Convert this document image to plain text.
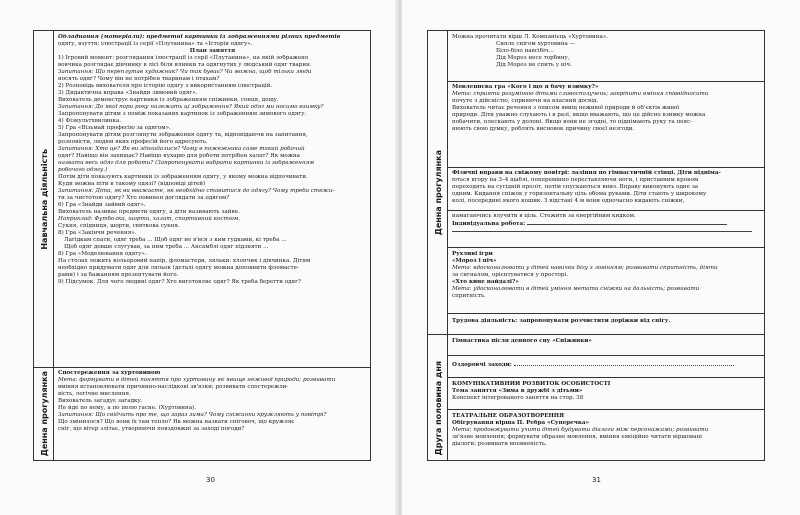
Навчальна діяльність
Денна прогулянка
Обладнання (матеріали): предметні картинки із зображеннями різних предметів
одягу, взуття; ілюстрації із серії «Плутанина» та «Історія одягу».
План заняття
1) Ігровий момент: розглядання ілюстрації із серії «Плутанина», на якій зображено
вовчика розглядає дівчинку в лісі біля ялинки та одягнутих у людський одяг тварин.
Запитання: Що переплутав художник? Чи так буває? Чи можна, щоб тільки люди
носять одяг? Чому він не потрібен тваринам і птахам?
2) Розповідь вихователя про історію одягу з використанням ілюстрацій.
3) Дидактична вправа «Знайди зимовий одяг».
Вихователь демонструє картинки із зображенням сніжинки, сонця, дощу.
Запитання: До якої пори року належать ці зображення? Який одяг ми носимо взимку?
Запропонувати дітям з поміж показаних картинок із зображенням зимового одягу.
4) Фізкультхвилинка.
5) Гра «Візьмай професію за одягом».
Запропонувати дітям розглянути зображення одягу та, відповідаючи на запитання,
розповісти, людям яких професій його адресують.
Запитання: Хто це? Як ви здогадалися? Чому в пожежника саме такий робочий
одяг? Навіщо він захищає? Навіщо кухарю для роботи потрібен халат? Як можна
назвати весь одяг для роботи? (Запропонувати вибрати картинки із зображенням
робочого одягу.)
Потім діти показують картинки із зображенням одягу, у якому можна відпочивати.
Куди можна піти в такому одязі? (відповіді дітей)
Запитання: Діти, як ви вважаєте, як необхідно ставитися до одягу? Чому треба стежи-
ти за чистотою одягу? Хто повинен доглядати за одягом?
6) Гра «Знайди зайвий одяг».
Вихователь називає предмети одягу, а діти називають зайве.
Наприклад: Футболка, шорти, халат, спортивний костюм.
Сукня, спідниця, шорти, святкова сукня.
8) Гра «Закінчи речення».
Лагідкам спати, одяг треба ... Щоб одяг не в'вся з ким гудками, кі треба ...
Щоб одяг довше слугував, за ним треба ... Ансамблі одяг підзняти ...
8) Гра «Моделювання одягу».
На столах лежить кольоровий папір, фломастери, ляльки: хлопчик і дівчинка. Дітям
необхідно придумати одяг для ляльок (деталі одягу можна доповнити фломасте-
рами) і за бажанням презентувати його.
9) Підсумок. Для чого людині одяг? Хто виготовляє одяг? Як треба берегти одяг?
Спостереження за хуртовиною
Мета: формувати в дітей поняття про хуртовину як явище неживої природи; розвивати
вміння встановлювати причинно-наслідкові зв'язки; розвивати спостережли-
вість, логічне мислення.
Вихователь загадує загадку.
Не йде по нему, а по полю гасне. (Хуртовина).
Запитання: Що свідчить про те, що зараз зима? Чому сніжинки кружляють у повітрі?
Що змінилося? Що вони їх там тепло? Як можна назвати сніговоч, що кружляє
сніг, що вітер злітає, утворюючи повздовжні за заході погоди?
30
Денна прогулянка
Друга половина дня
Можна прочитати вірш Л. Компанієць «Хуртовина».
Сипле снігом хуртовина —
Біло-біло навсібіч...
Дід Мороз несе торбину,
Дід Мороз не спить у ніч.
Мовленнєва гра «Кого і що я бачу взимку?»
Мета: сприяти розумінню дітьми словосполучень; закріпити вміння співвідносити
почуте з дійсністю, сприяючи на власний досвід.
Вихователь читає речення з описом явищ неживої природи й об'єктів живої
природи. Діти уважно слухають і в разі, якщо вважають, що це дійсно взимку можна
побачити, плескають у долоні. Якщо вони не згодні, то піднімають руку та пояс-
нюють свою думку, роблять висновок причину своєї незгоди.
Фізичні вправи на свіжому повітрі: лазіння по гімнастичній стінці. Діти підніма-
ються вгору на 3–4 щаблі, поперемінно переставляючи ноги, і приставним кроком
переходять на сусідній проліт, потім спускаються вниз. Вправу виконують одне за
одним. Кидання сніжок у горизонтальну ціль обома руками. Діти стають у широкому
колі, посередині якого кошик. З відстані 4 м вони одночасно кидають сніжки,
намагаючись влучити в ціль. Стежити за енергійним кидком.
Індивідуальна робота:
Рухливі ігри
«Мороз і піч»
Мета: вдосконалювати у дітей навички бігу з ловінням; розвивати спритність, діяти
за сигналом, орієнтуватися у просторі.
«Хто кине найдалі?»
Мета: удосконалювати в дітей уміння метати сніжки на дальність; розвивати
спритність.
Трудова діяльність: запропонувати розчистити доріжки від снігу.
Гімнастика після денного сну «Сніжинки»
Оздоровчі заходи:
КОМУНІКАТИВНИЙ РОЗВИТОК ОСОБИСТОСТІ
Тема заняття «Зима в дружбі з дітьми»
Конспект інтегрованого заняття на стор. 38
ТЕАТРАЛЬНЕ ОБРАЗОТВОРЕННЯ
Обігрування вірша П. Ребра «Суперечка»
Мета: продовжувати учити дітей будувати діалоги між персонажами; розвивати
зв'язне мовлення; формувати образне мовлення, вміння емоційно читати віршовані
діалоги; розвивати впевненість.
31
